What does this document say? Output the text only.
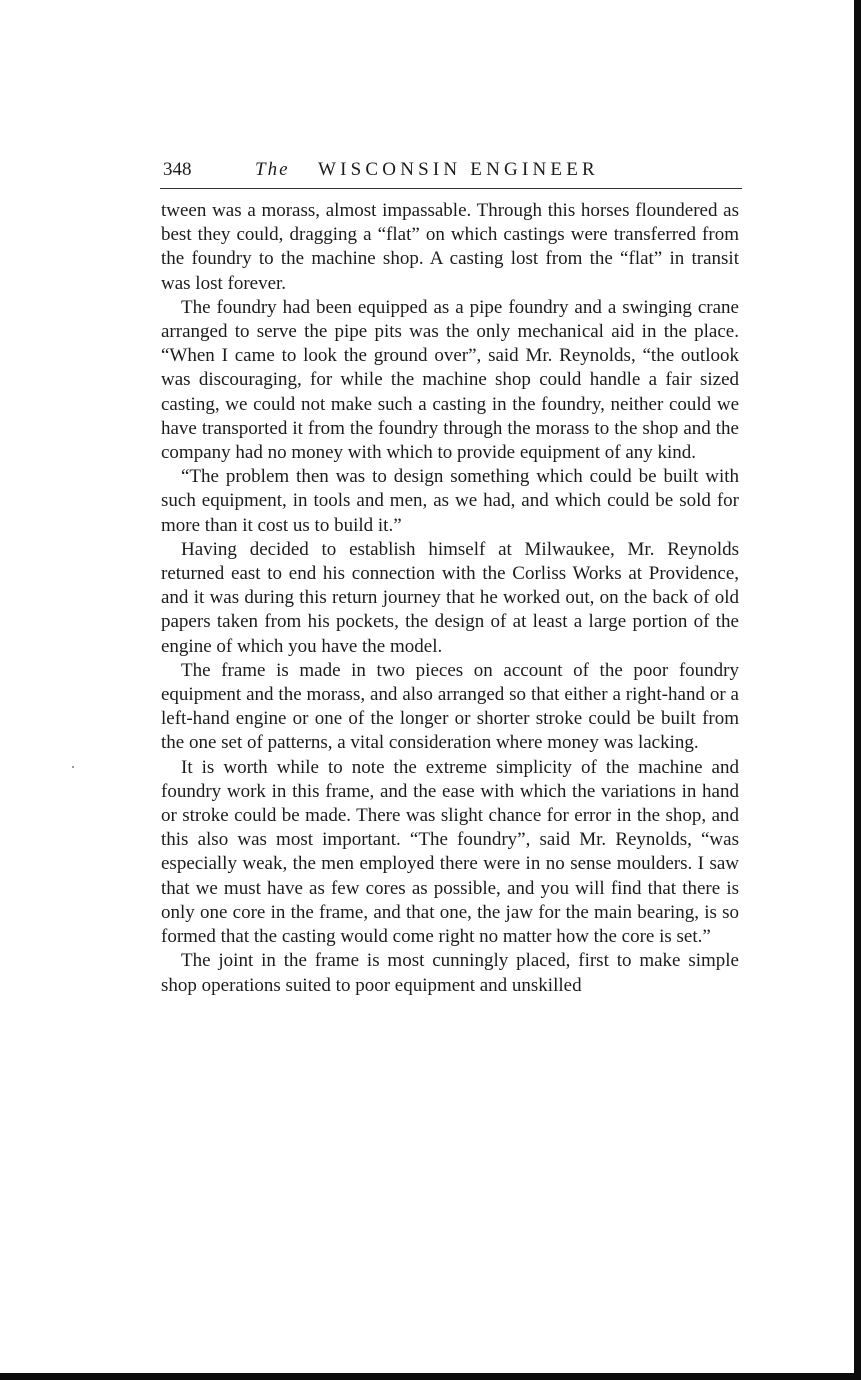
348	The WISCONSIN ENGINEER

tween was a morass, almost impassable. Through this horses floundered as best they could, dragging a “flat” on which castings were transferred from the foundry to the machine shop. A casting lost from the “flat” in transit was lost forever.

The foundry had been equipped as a pipe foundry and a swinging crane arranged to serve the pipe pits was the only mechanical aid in the place. “When I came to look the ground over”, said Mr. Reynolds, “the outlook was discouraging, for while the machine shop could handle a fair sized casting, we could not make such a casting in the foundry, neither could we have transported it from the foundry through the morass to the shop and the company had no money with which to provide equipment of any kind.

“The problem then was to design something which could be built with such equipment, in tools and men, as we had, and which could be sold for more than it cost us to build it.”

Having decided to establish himself at Milwaukee, Mr. Reynolds returned east to end his connection with the Corliss Works at Providence, and it was during this return journey that he worked out, on the back of old papers taken from his pockets, the design of at least a large portion of the engine of which you have the model.

The frame is made in two pieces on account of the poor foundry equipment and the morass, and also arranged so that either a right-hand or a left-hand engine or one of the longer or shorter stroke could be built from the one set of patterns, a vital consideration where money was lacking.

It is worth while to note the extreme simplicity of the machine and foundry work in this frame, and the ease with which the variations in hand or stroke could be made. There was slight chance for error in the shop, and this also was most important. “The foundry”, said Mr. Reynolds, “was especially weak, the men employed there were in no sense moulders. I saw that we must have as few cores as possible, and you will find that there is only one core in the frame, and that one, the jaw for the main bearing, is so formed that the casting would come right no matter how the core is set.”

The joint in the frame is most cunningly placed, first to make simple shop operations suited to poor equipment and unskilled
